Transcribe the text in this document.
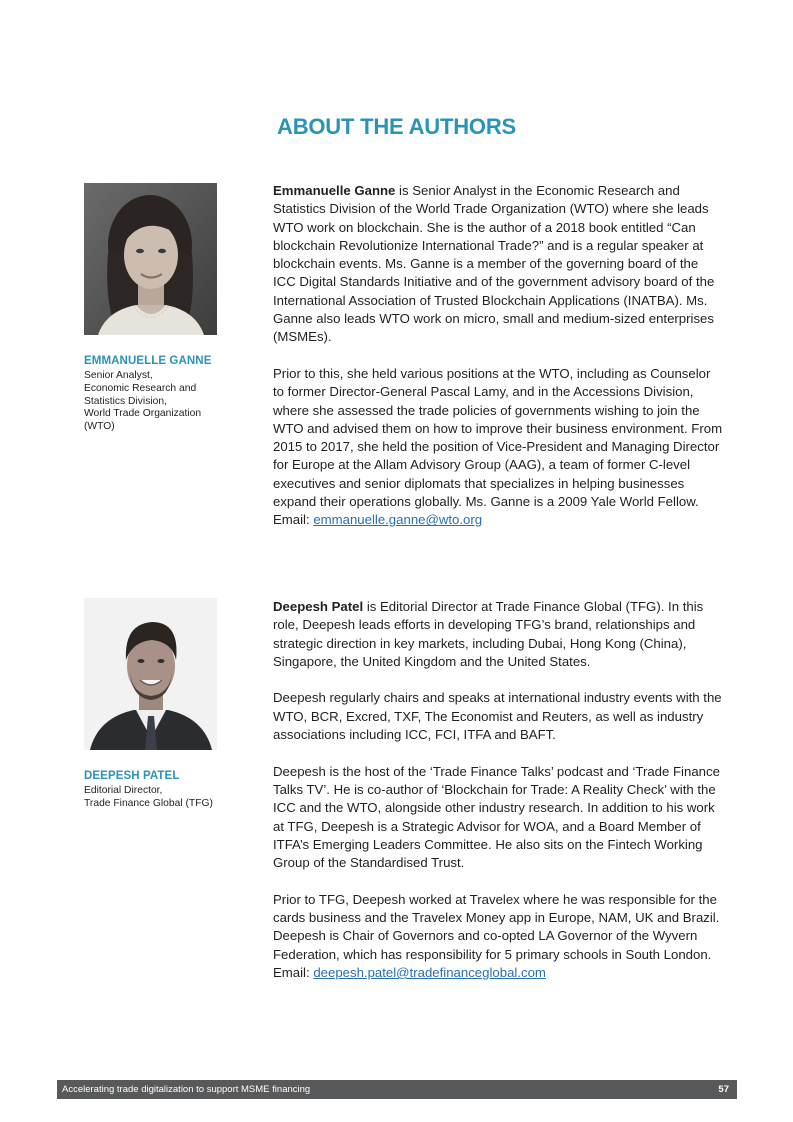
ABOUT THE AUTHORS
EMMANUELLE GANNE
Senior Analyst,
Economic Research and
Statistics Division,
World Trade Organization
(WTO)

Emmanuelle Ganne is Senior Analyst in the Economic Research and Statistics Division of the World Trade Organization (WTO) where she leads WTO work on blockchain. She is the author of a 2018 book entitled “Can blockchain Revolutionize International Trade?” and is a regular speaker at blockchain events. Ms. Ganne is a member of the governing board of the ICC Digital Standards Initiative and of the government advisory board of the International Association of Trusted Blockchain Applications (INATBA). Ms. Ganne also leads WTO work on micro, small and medium-sized enterprises (MSMEs).

Prior to this, she held various positions at the WTO, including as Counselor to former Director-General Pascal Lamy, and in the Accessions Division, where she assessed the trade policies of governments wishing to join the WTO and advised them on how to improve their business environment. From 2015 to 2017, she held the position of Vice-President and Managing Director for Europe at the Allam Advisory Group (AAG), a team of former C-level executives and senior diplomats that specializes in helping businesses expand their operations globally. Ms. Ganne is a 2009 Yale World Fellow.

Email: emmanuelle.ganne@wto.org
DEEPESH PATEL
Editorial Director,
Trade Finance Global (TFG)

Deepesh Patel is Editorial Director at Trade Finance Global (TFG). In this role, Deepesh leads efforts in developing TFG’s brand, relationships and strategic direction in key markets, including Dubai, Hong Kong (China), Singapore, the United Kingdom and the United States.

Deepesh regularly chairs and speaks at international industry events with the WTO, BCR, Excred, TXF, The Economist and Reuters, as well as industry associations including ICC, FCI, ITFA and BAFT.

Deepesh is the host of the ‘Trade Finance Talks’ podcast and ‘Trade Finance Talks TV’. He is co-author of ‘Blockchain for Trade: A Reality Check’ with the ICC and the WTO, alongside other industry research. In addition to his work at TFG, Deepesh is a Strategic Advisor for WOA, and a Board Member of ITFA’s Emerging Leaders Committee. He also sits on the Fintech Working Group of the Standardised Trust.

Prior to TFG, Deepesh worked at Travelex where he was responsible for the cards business and the Travelex Money app in Europe, NAM, UK and Brazil. Deepesh is Chair of Governors and co-opted LA Governor of the Wyvern Federation, which has responsibility for 5 primary schools in South London.

Email: deepesh.patel@tradefinanceglobal.com
Accelerating trade digitalization to support MSME financing	57
